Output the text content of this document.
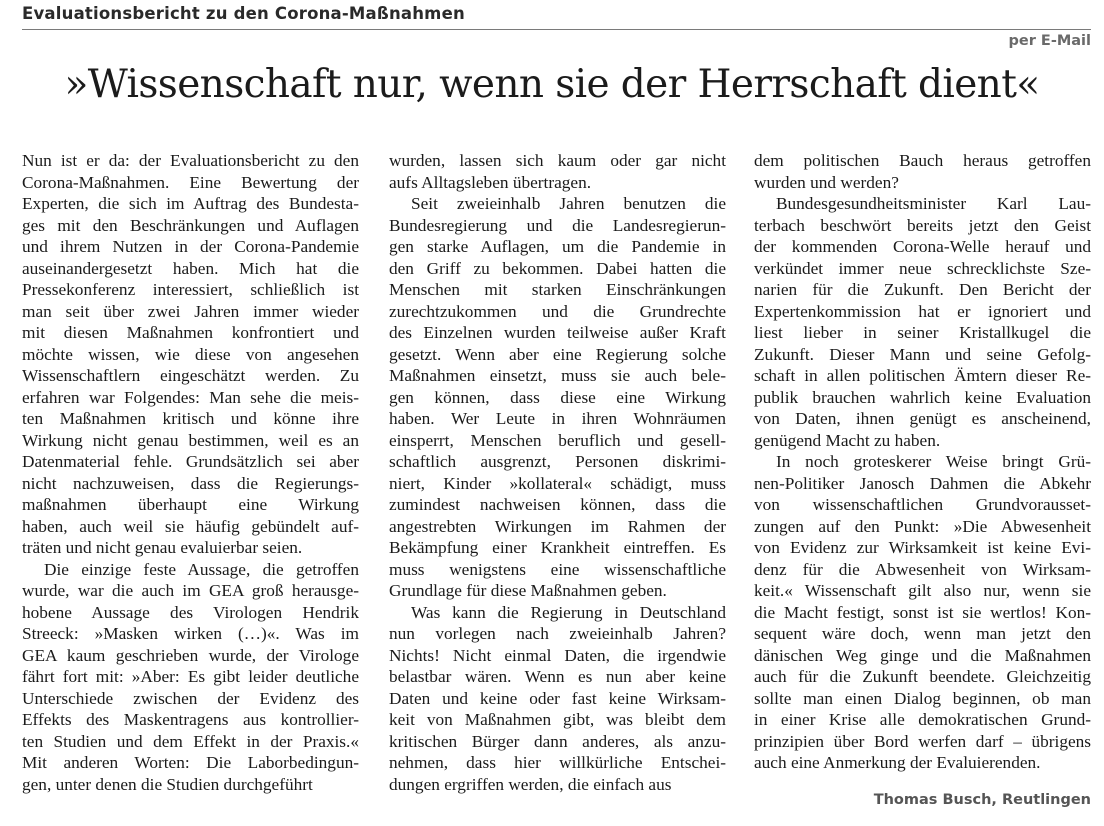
Evaluationsbericht zu den Corona-Maßnahmen
per E-Mail
»Wissenschaft nur, wenn sie der Herrschaft dient«

Nun ist er da: der Evaluationsbericht zu den
Corona-Maßnahmen. Eine Bewertung der
Experten, die sich im Auftrag des Bundesta-
ges mit den Beschränkungen und Auflagen
und ihrem Nutzen in der Corona-Pandemie
auseinandergesetzt haben. Mich hat die
Pressekonferenz interessiert, schließlich ist
man seit über zwei Jahren immer wieder
mit diesen Maßnahmen konfrontiert und
möchte wissen, wie diese von angesehen
Wissenschaftlern eingeschätzt werden. Zu
erfahren war Folgendes: Man sehe die meis-
ten Maßnahmen kritisch und könne ihre
Wirkung nicht genau bestimmen, weil es an
Datenmaterial fehle. Grundsätzlich sei aber
nicht nachzuweisen, dass die Regierungs-
maßnahmen überhaupt eine Wirkung
haben, auch weil sie häufig gebündelt auf-
träten und nicht genau evaluierbar seien.

Die einzige feste Aussage, die getroffen
wurde, war die auch im GEA groß herausge-
hobene Aussage des Virologen Hendrik
Streeck: »Masken wirken (…)«. Was im
GEA kaum geschrieben wurde, der Virologe
fährt fort mit: »Aber: Es gibt leider deutliche
Unterschiede zwischen der Evidenz des
Effekts des Maskentragens aus kontrollier-
ten Studien und dem Effekt in der Praxis.«
Mit anderen Worten: Die Laborbedingun-
gen, unter denen die Studien durchgeführt

wurden, lassen sich kaum oder gar nicht
aufs Alltagsleben übertragen.

Seit zweieinhalb Jahren benutzen die
Bundesregierung und die Landesregierun-
gen starke Auflagen, um die Pandemie in
den Griff zu bekommen. Dabei hatten die
Menschen mit starken Einschränkungen
zurechtzukommen und die Grundrechte
des Einzelnen wurden teilweise außer Kraft
gesetzt. Wenn aber eine Regierung solche
Maßnahmen einsetzt, muss sie auch bele-
gen können, dass diese eine Wirkung
haben. Wer Leute in ihren Wohnräumen
einsperrt, Menschen beruflich und gesell-
schaftlich ausgrenzt, Personen diskrimi-
niert, Kinder »kollateral« schädigt, muss
zumindest nachweisen können, dass die
angestrebten Wirkungen im Rahmen der
Bekämpfung einer Krankheit eintreffen. Es
muss wenigstens eine wissenschaftliche
Grundlage für diese Maßnahmen geben.

Was kann die Regierung in Deutschland
nun vorlegen nach zweieinhalb Jahren?
Nichts! Nicht einmal Daten, die irgendwie
belastbar wären. Wenn es nun aber keine
Daten und keine oder fast keine Wirksam-
keit von Maßnahmen gibt, was bleibt dem
kritischen Bürger dann anderes, als anzu-
nehmen, dass hier willkürliche Entschei-
dungen ergriffen werden, die einfach aus

dem politischen Bauch heraus getroffen
wurden und werden?

Bundesgesundheitsminister Karl Lau-
terbach beschwört bereits jetzt den Geist
der kommenden Corona-Welle herauf und
verkündet immer neue schrecklichste Sze-
narien für die Zukunft. Den Bericht der
Expertenkommission hat er ignoriert und
liest lieber in seiner Kristallkugel die
Zukunft. Dieser Mann und seine Gefolg-
schaft in allen politischen Ämtern dieser Re-
publik brauchen wahrlich keine Evaluation
von Daten, ihnen genügt es anscheinend,
genügend Macht zu haben.

In noch groteskerer Weise bringt Grü-
nen-Politiker Janosch Dahmen die Abkehr
von wissenschaftlichen Grundvorausset-
zungen auf den Punkt: »Die Abwesenheit
von Evidenz zur Wirksamkeit ist keine Evi-
denz für die Abwesenheit von Wirksam-
keit.« Wissenschaft gilt also nur, wenn sie
die Macht festigt, sonst ist sie wertlos! Kon-
sequent wäre doch, wenn man jetzt den
dänischen Weg ginge und die Maßnahmen
auch für die Zukunft beendete. Gleichzeitig
sollte man einen Dialog beginnen, ob man
in einer Krise alle demokratischen Grund-
prinzipien über Bord werfen darf – übrigens
auch eine Anmerkung der Evaluierenden.

Thomas Busch, Reutlingen
